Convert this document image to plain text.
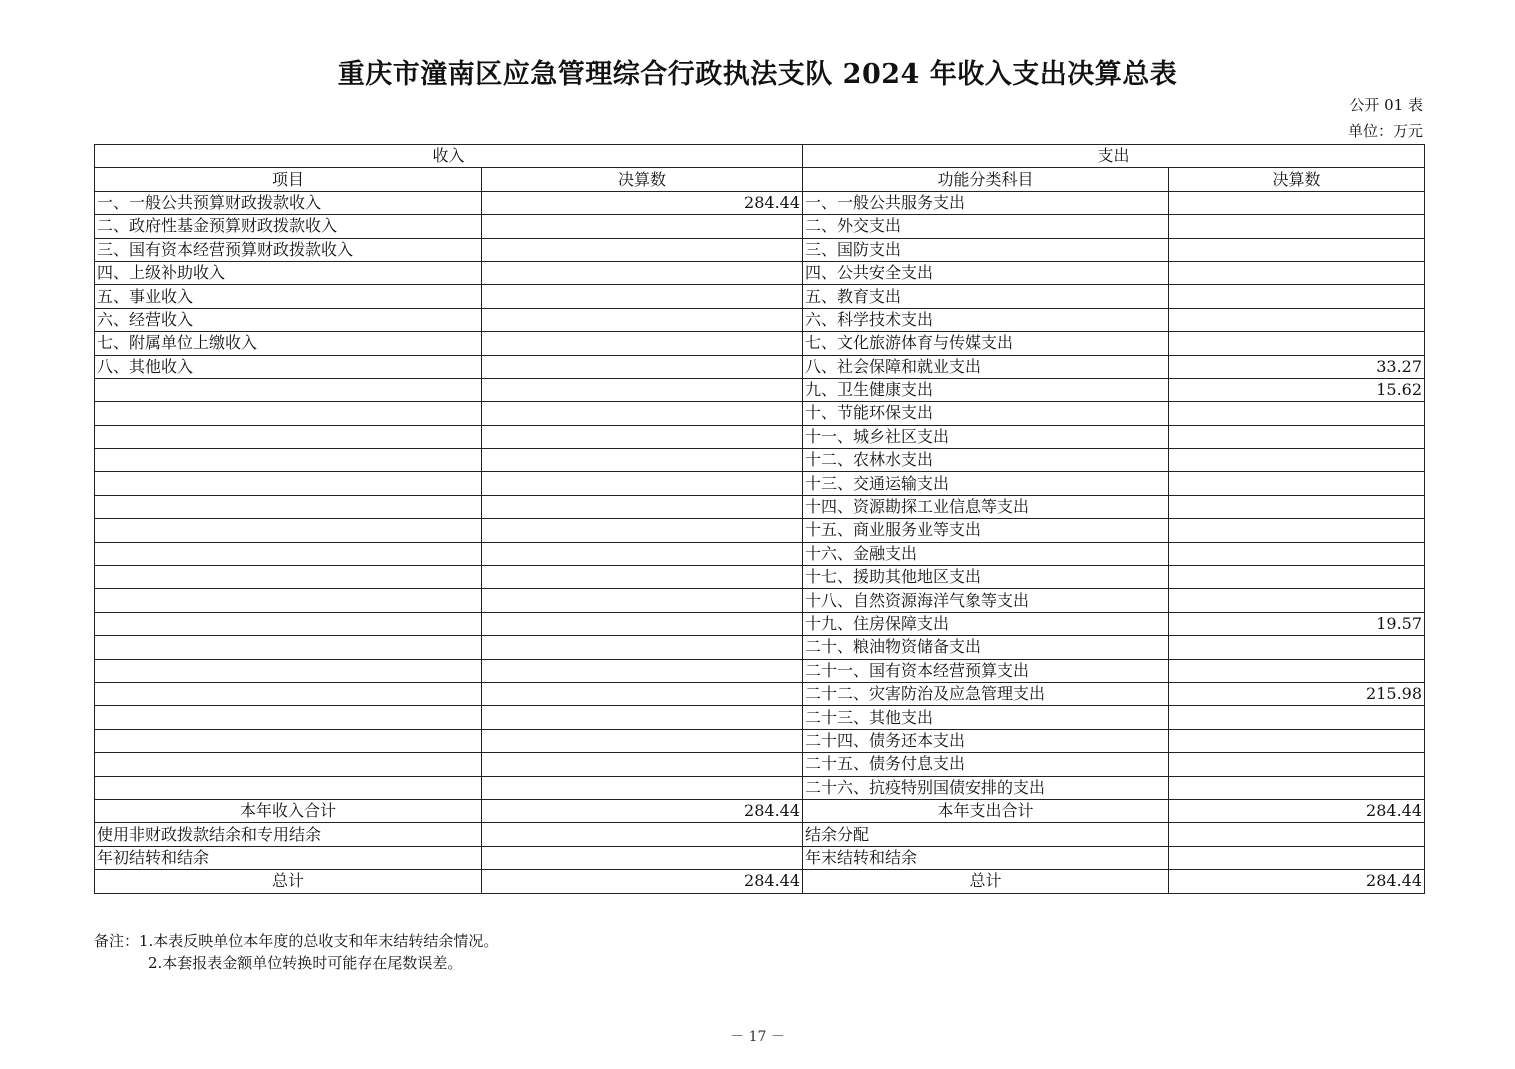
重庆市潼南区应急管理综合行政执法支队 2024 年收入支出决算总表
公开 01 表
单位：万元
收入		支出	
项目	决算数	功能分类科目	决算数
一、一般公共预算财政拨款收入	284.44	一、一般公共服务支出	
二、政府性基金预算财政拨款收入		二、外交支出	
三、国有资本经营预算财政拨款收入		三、国防支出	
四、上级补助收入		四、公共安全支出	
五、事业收入		五、教育支出	
六、经营收入		六、科学技术支出	
七、附属单位上缴收入		七、文化旅游体育与传媒支出	
八、其他收入		八、社会保障和就业支出	33.27
		九、卫生健康支出	15.62
		十、节能环保支出	
		十一、城乡社区支出	
		十二、农林水支出	
		十三、交通运输支出	
		十四、资源勘探工业信息等支出	
		十五、商业服务业等支出	
		十六、金融支出	
		十七、援助其他地区支出	
		十八、自然资源海洋气象等支出	
		十九、住房保障支出	19.57
		二十、粮油物资储备支出	
		二十一、国有资本经营预算支出	
		二十二、灾害防治及应急管理支出	215.98
		二十三、其他支出	
		二十四、债务还本支出	
		二十五、债务付息支出	
		二十六、抗疫特别国债安排的支出	
本年收入合计	284.44	本年支出合计	284.44
使用非财政拨款结余和专用结余		结余分配	
年初结转和结余		年末结转和结余	
总计	284.44	总计	284.44
备注：1.本表反映单位本年度的总收支和年末结转结余情况。
2.本套报表金额单位转换时可能存在尾数误差。
－ 17 －
